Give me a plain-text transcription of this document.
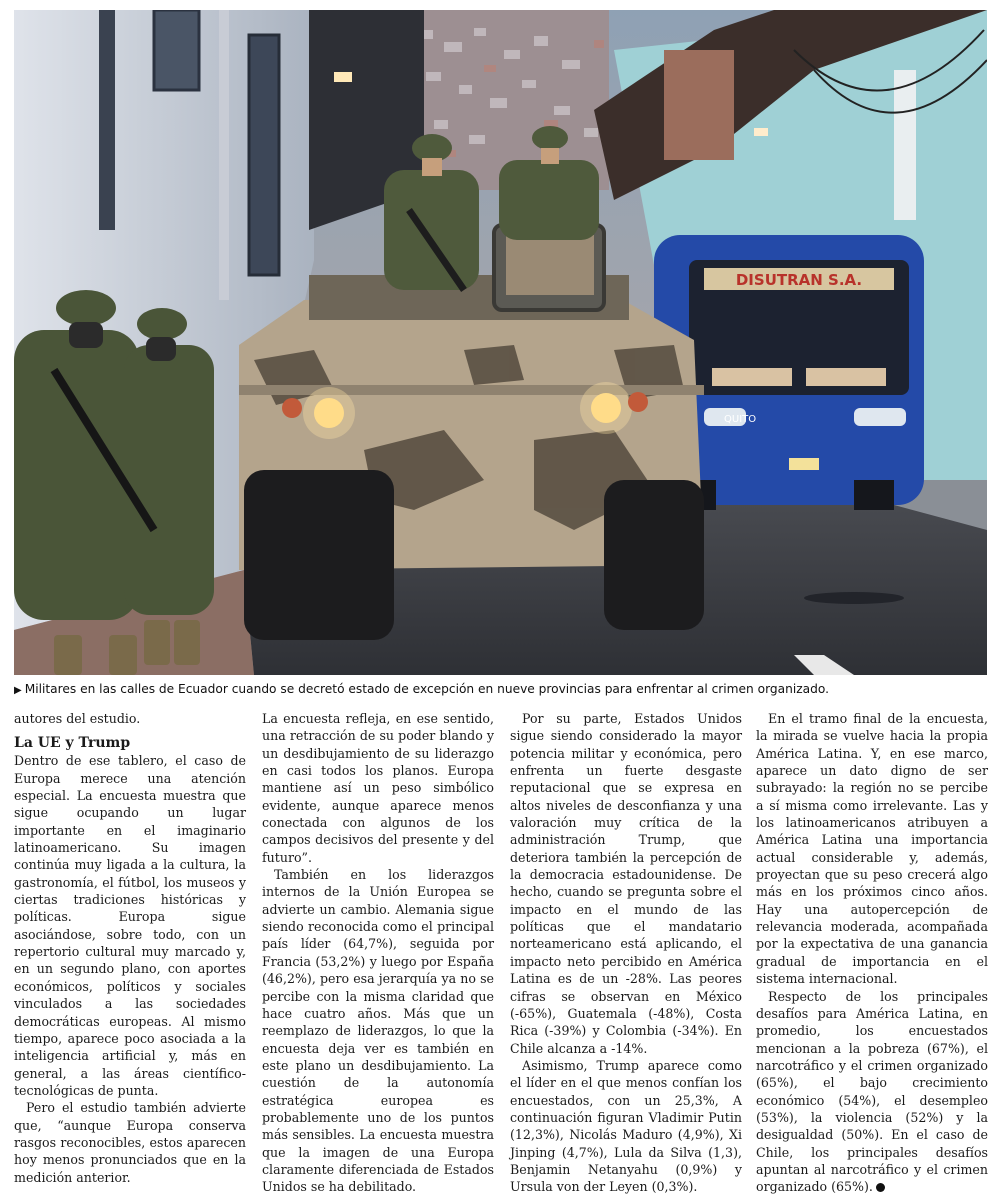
DISUTRAN S.A.
QUITO
▶ Militares en las calles de Ecuador cuando se decretó estado de excepción en nueve provincias para enfrentar al crimen organizado.

autores del estudio.

La UE y Trump

Dentro de ese tablero, el caso de Europa merece una atención especial. La encuesta muestra que sigue ocupando un lugar importante en el imaginario latinoamericano. Su imagen continúa muy ligada a la cultura, la gastronomía, el fútbol, los museos y ciertas tradiciones históricas y políticas. Europa sigue asociándose, sobre todo, con un repertorio cultural muy marcado y, en un segundo plano, con aportes económicos, políticos y sociales vinculados a las sociedades democráticas europeas. Al mismo tiempo, aparece poco asociada a la inteligencia artificial y, más en general, a las áreas científico-tecnológicas de punta.

Pero el estudio también advierte que, “aunque Europa conserva rasgos reconocibles, estos aparecen hoy menos pronunciados que en la medición anterior.

La encuesta refleja, en ese sentido, una retracción de su poder blando y un desdibujamiento de su liderazgo en casi todos los planos. Europa mantiene así un peso simbólico evidente, aunque aparece menos conectada con algunos de los campos decisivos del presente y del futuro”.

También en los liderazgos internos de la Unión Europea se advierte un cambio. Alemania sigue siendo reconocida como el principal país líder (64,7%), seguida por Francia (53,2%) y luego por España (46,2%), pero esa jerarquía ya no se percibe con la misma claridad que hace cuatro años. Más que un reemplazo de liderazgos, lo que la encuesta deja ver es también en este plano un desdibujamiento. La cuestión de la autonomía estratégica europea es probablemente uno de los puntos más sensibles. La encuesta muestra que la imagen de una Europa claramente diferenciada de Estados Unidos se ha debilitado.

Por su parte, Estados Unidos sigue siendo considerado la mayor potencia militar y económica, pero enfrenta un fuerte desgaste reputacional que se expresa en altos niveles de desconfianza y una valoración muy crítica de la administración Trump, que deteriora también la percepción de la democracia estadounidense. De hecho, cuando se pregunta sobre el impacto en el mundo de las políticas que el mandatario norteamericano está aplicando, el impacto neto percibido en América Latina es de un -28%. Las peores cifras se observan en México (-65%), Guatemala (-48%), Costa Rica (-39%) y Colombia (-34%). En Chile alcanza a -14%.

Asimismo, Trump aparece como el líder en el que menos confían los encuestados, con un 25,3%, A continuación figuran Vladimir Putin (12,3%), Nicolás Maduro (4,9%), Xi Jinping (4,7%), Lula da Silva (1,3), Benjamin Netanyahu (0,9%) y Ursula von der Leyen (0,3%).

En el tramo final de la encuesta, la mirada se vuelve hacia la propia América Latina. Y, en ese marco, aparece un dato digno de ser subrayado: la región no se percibe a sí misma como irrelevante. Las y los latinoamericanos atribuyen a América Latina una importancia actual considerable y, además, proyectan que su peso crecerá algo más en los próximos cinco años. Hay una autopercepción de relevancia moderada, acompañada por la expectativa de una ganancia gradual de importancia en el sistema internacional.

Respecto de los principales desafíos para América Latina, en promedio, los encuestados mencionan a la pobreza (67%), el narcotráfico y el crimen organizado (65%), el bajo crecimiento económico (54%), el desempleo (53%), la violencia (52%) y la desigualdad (50%). En el caso de Chile, los principales desafíos apuntan al narcotráfico y el crimen organizado (65%).
